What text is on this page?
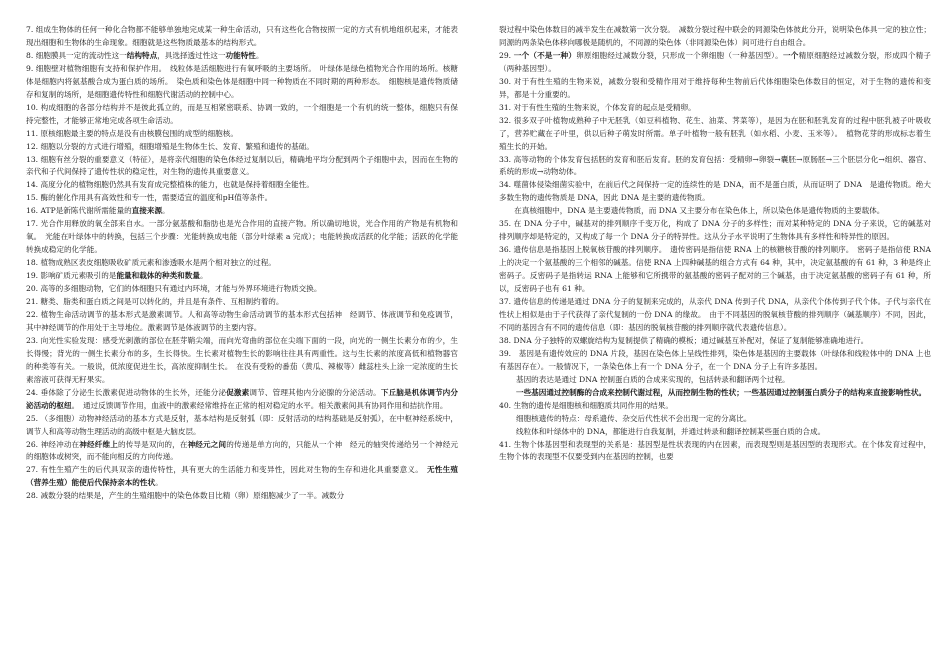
7. 组成生物体的任何一种化合物都不能够单独地完成某一种生命活动，只有这些化合物按照一定的方式有机地组织起来，才能表现出细胞和生物体的生命现象。细胞就是这些物质最基本的结构形式。

8. 细胞膜具一定的流动性这一结构特点，具选择透过性这一功能特性。

9. 细胞壁对植物细胞有支持和保护作用。　线粒体是活细胞进行有氧呼吸的主要场所。　叶绿体是绿色植物光合作用的场所。核糖体是细胞内将氨基酸合成为蛋白质的场所。　染色质和染色体是细胞中同一种物质在不同时期的两种形态。　细胞核是遗传物质储存和复制的场所，是细胞遗传特性和细胞代谢活动的控制中心。

10. 构成细胞的各部分结构并不是彼此孤立的，而是互相紧密联系、协调一致的，一个细胞是一个有机的统一整体，细胞只有保持完整性，才能够正常地完成各项生命活动。

11. 原核细胞最主要的特点是没有由核膜包围的成型的细胞核。

12. 细胞以分裂的方式进行增殖，细胞增殖是生物体生长、发育、繁殖和遗传的基础。

13. 细胞有丝分裂的重要意义（特征），是将亲代细胞的染色体经过复制以后，精确地平均分配到两个子细胞中去，因而在生物的亲代和子代间保持了遗传性状的稳定性，对生物的遗传具重要意义。

14. 高度分化的植物细胞仍然具有发育成完整植株的能力，也就是保持着细胞全能性。

15. 酶的催化作用具有高效性和专一性，需要适宜的温度和pH值等条件。

16. ATP是新陈代谢所需能量的直接来源。

17. 光合作用释放的氧全部来自水。一部分氨基酸和脂肪也是光合作用的直接产物。所以确切地说，光合作用的产物是有机物和氧。　光能在叶绿体中的转换，包括三个步骤：光能转换成电能（部分叶绿素 a 完成）；电能转换成活跃的化学能；活跃的化学能转换成稳定的化学能。

18. 植物成熟区表皮细胞吸收矿质元素和渗透吸水是两个相对独立的过程。

19. 影响矿质元素吸引的是能量和载体的种类和数量。

20. 高等的多细胞动物，它们的体细胞只有通过内环境，才能与外界环境进行物质交换。

21. 糖类、脂类和蛋白质之间是可以转化的，并且是有条件、互相制约着的。

22. 植物生命活动调节的基本形式是激素调节。人和高等动物生命活动调节的基本形式包括神　经调节、体液调节和免疫调节，其中神经调节的作用处于主导地位。激素调节是体液调节的主要内容。

23. 向光性实验发现：感受光刺激的部位在胚芽鞘尖端，而向光弯曲的部位在尖端下面的一段，向光的一侧生长素分布的少，生长得慢；背光的一侧生长素分布的多，生长得快。生长素对植物生长的影响往往具有两重性。这与生长素的浓度高低和植物器官的种类等有关。一般说，低浓度促进生长，高浓度抑制生长。　在没有受粉的番茄（黄瓜、辣椒等）雌蕊柱头上涂一定浓度的生长素溶液可获得无籽果实。

24. 垂体除了分泌生长激素促进动物体的生长外，还能分泌促激素调节、管理其他内分泌腺的分泌活动。下丘脑是机体调节内分泌活动的枢纽。　通过反馈调节作用，血液中的激素经常维持在正常的相对稳定的水平。相关激素间具有协同作用和拮抗作用。

25. （多细胞）动物神经活动的基本方式是反射，基本结构是反射弧（即：反射活动的结构基础是反射弧），在中枢神经系统中，调节人和高等动物生理活动的高级中枢是大脑皮层。

26. 神经冲动在神经纤维上的传导是双向的，在神经元之间的传递是单方向的，只能从一个神　经元的轴突传递给另一个神经元的细胞体或树突，而不能向相反的方向传递。

27. 有性生殖产生的后代具双亲的遗传特性，具有更大的生活能力和变异性，因此对生物的生存和进化具重要意义。　无性生殖（营养生殖）能使后代保持亲本的性状。

28. 减数分裂的结果是，产生的生殖细胞中的染色体数目比精（卵）原细胞减少了一半。减数分

裂过程中染色体数目的减半发生在减数第一次分裂。　减数分裂过程中联会的同源染色体彼此分开，说明染色体具一定的独立性；同源的两条染色体移向哪极是随机的，不同源的染色体（非同源染色体）间可进行自由组合。

29. 一个（不是一种）卵原细胞经过减数分裂，只形成一个卵细胞（一种基因型）。一个精原细胞经过减数分裂，形成四个精子（两种基因型）。

30. 对于有性生殖的生物来说，减数分裂和受精作用对于维持每种生物前后代体细胞染色体数目的恒定，对于生物的遗传和变异，都是十分重要的。

31. 对于有性生殖的生物来说，个体发育的起点是受精卵。

32. 很多双子叶植物成熟种子中无胚乳（如豆科植物、花生、油菜、荠菜等），是因为在胚和胚乳发育的过程中胚乳被子叶吸收了，营养贮藏在子叶里，供以后种子萌发时所需。单子叶植物一般有胚乳（如水稻、小麦、玉米等）。　植物花芽的形成标志着生殖生长的开始。

33. 高等动物的个体发育包括胚的发育和胚后发育。胚的发育包括：受精卵→卵裂→囊胚→原肠胚→三个胚层分化→组织、器官、系统的形成→动物幼体。

34. 噬菌体侵染细菌实验中，在前后代之间保持一定的连续性的是 DNA，而不是蛋白质，从而证明了 DNA　是遗传物质。绝大多数生物的遗传物质是 DNA，因此 DNA 是主要的遗传物质。

　　在真核细胞中，DNA 是主要遗传物质，而 DNA 又主要分布在染色体上，所以染色体是遗传物质的主要载体。

35. 在 DNA 分子中，碱基对的排列顺序千变万化，构成了 DNA 分子的多样性；而对某种特定的 DNA 分子来说，它的碱基对排列顺序却是特定的，又构成了每一个 DNA 分子的特异性。这从分子水平说明了生物体具有多样性和特异性的原因。

36. 遗传信息是指基因上脱氧核苷酸的排列顺序。　遗传密码是指信使 RNA 上的核糖核苷酸的排列顺序。　密码子是指信使 RNA 上的决定一个氨基酸的三个相邻的碱基。信使 RNA 上四种碱基的组合方式有 64 种，其中，决定氨基酸的有 61 种，3 种是终止密码子。反密码子是指转运 RNA 上能够和它所携带的氨基酸的密码子配对的三个碱基，由于决定氨基酸的密码子有 61 种，所以，反密码子也有 61 种。

37. 遗传信息的传递是通过 DNA 分子的复制来完成的，从亲代 DNA 传到子代 DNA，从亲代个体传到子代个体。子代与亲代在性状上相似是由于子代获得了亲代复制的一份 DNA 的缘故。　由于不同基因的脱氧核苷酸的排列顺序（碱基顺序）不同，因此，不同的基因含有不同的遗传信息（即：基因的脱氧核苷酸的排列顺序就代表遗传信息）。

38. DNA 分子独特的双螺旋结构为复制提供了精确的模板；通过碱基互补配对，保证了复制能够准确地进行。

39.　基因是有遗传效应的 DNA 片段，基因在染色体上呈线性排列，染色体是基因的主要载体（叶绿体和线粒体中的 DNA 上也有基因存在）。一般情况下，一条染色体上有一个 DNA 分子，在一个 DNA 分子上有许多基因。

基因的表达是通过 DNA 控制蛋白质的合成来实现的，包括转录和翻译两个过程。

一些基因通过控制酶的合成来控制代谢过程，从而控制生物的性状；一些基因通过控制蛋白质分子的结构来直接影响性状。

40. 生物的遗传是细胞核和细胞质共同作用的结果。

细胞核遗传的特点：母系遗传、杂交后代性状不会出现一定的分离比。

线粒体和叶绿体中的 DNA，都能进行自我复制，并通过转录和翻译控制某些蛋白质的合成。

41. 生物个体基因型和表现型的关系是：基因型是性状表现的内在因素，而表现型则是基因型的表现形式。在个体发育过程中，生物个体的表现型不仅要受到内在基因的控制，也要
